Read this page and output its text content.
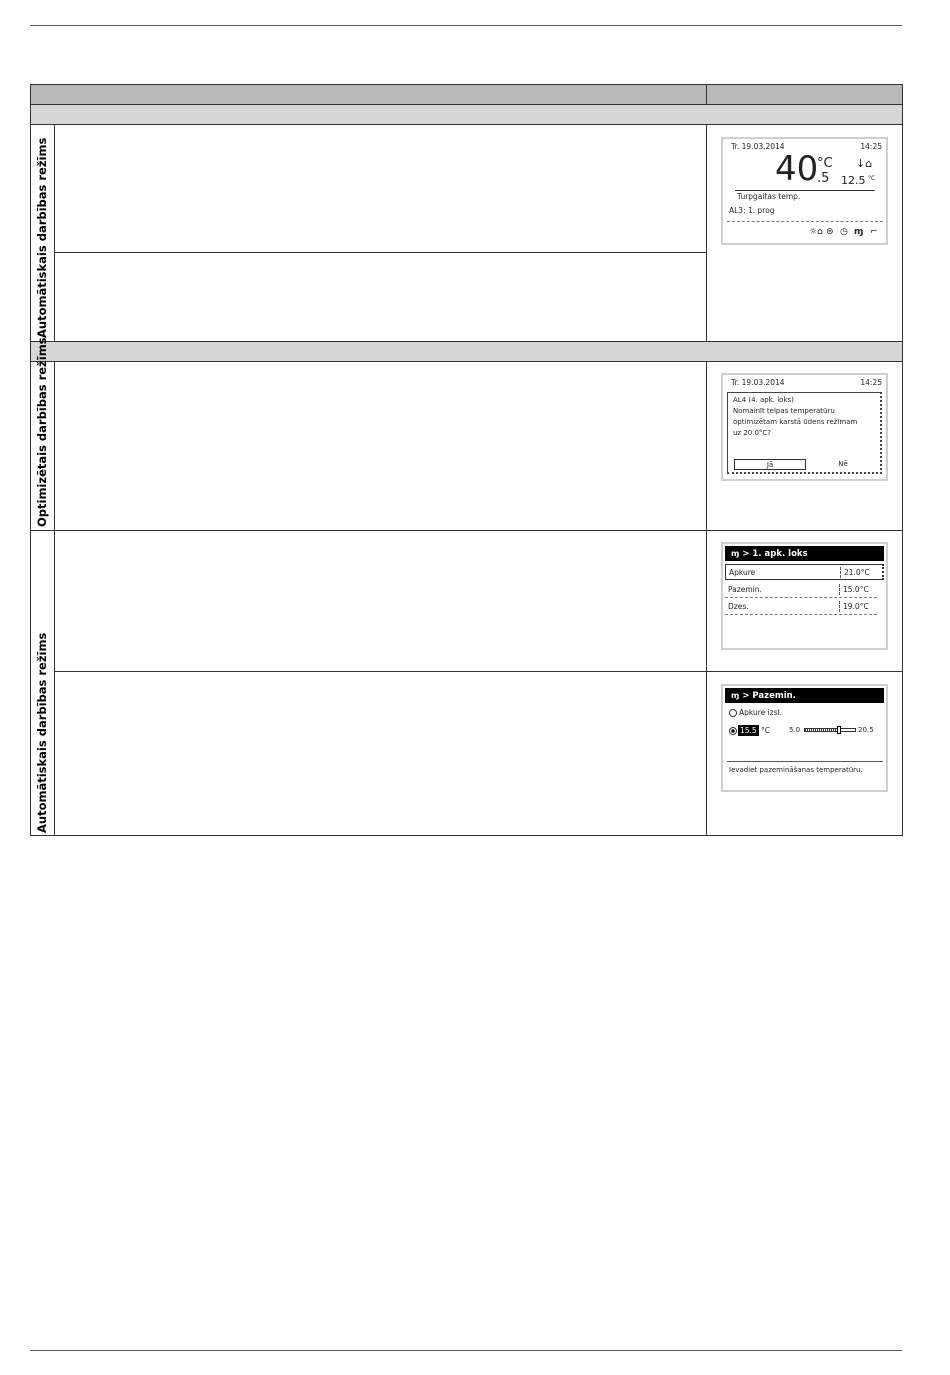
Automātiskais darbības režīms
Optimizētais darbības režīms
Automātiskais darbības režīms
Tr. 19.03.2014	14:25
40
°C
.5
↓⌂
12.5 °C
Turpgaitas temp.
AL3: 1. prog
☼⌂ ⊜ ◷ ɱ ⌐
Tr. 19.03.2014	14:25
AL4 (4. apk. loks)
Nomainīt telpas temperatūru
optimizētam karstā ūdens režīmam
uz 20.0°C?
Jā	Nē
ɱ > 1. apk. loks
Apkure	21.0°C
Pazemin.	15.0°C
Dzes.	19.0°C
ɱ > Pazemin.
Apkure izsl.
15.5 °C	5.0	20.5
Ievadiet pazemināšanas temperatūru.
